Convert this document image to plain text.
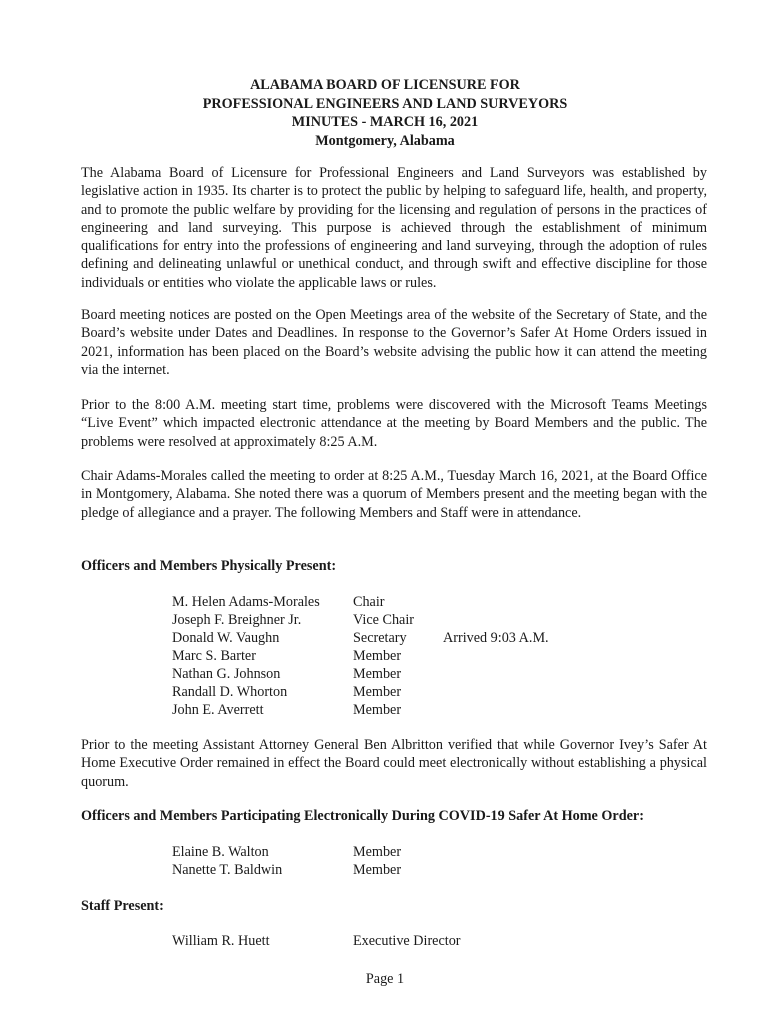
ALABAMA BOARD OF LICENSURE FOR
PROFESSIONAL ENGINEERS AND LAND SURVEYORS
MINUTES - MARCH 16, 2021
Montgomery, Alabama
The Alabama Board of Licensure for Professional Engineers and Land Surveyors was established by legislative action in 1935. Its charter is to protect the public by helping to safeguard life, health, and property, and to promote the public welfare by providing for the licensing and regulation of persons in the practices of engineering and land surveying. This purpose is achieved through the establishment of minimum qualifications for entry into the professions of engineering and land surveying, through the adoption of rules defining and delineating unlawful or unethical conduct, and through swift and effective discipline for those individuals or entities who violate the applicable laws or rules.
Board meeting notices are posted on the Open Meetings area of the website of the Secretary of State, and the Board’s website under Dates and Deadlines. In response to the Governor’s Safer At Home Orders issued in 2021, information has been placed on the Board’s website advising the public how it can attend the meeting via the internet.
Prior to the 8:00 A.M. meeting start time, problems were discovered with the Microsoft Teams Meetings “Live Event” which impacted electronic attendance at the meeting by Board Members and the public. The problems were resolved at approximately 8:25 A.M.
Chair Adams-Morales called the meeting to order at 8:25 A.M., Tuesday March 16, 2021, at the Board Office in Montgomery, Alabama. She noted there was a quorum of Members present and the meeting began with the pledge of allegiance and a prayer. The following Members and Staff were in attendance.
Officers and Members Physically Present:
M. Helen Adams-Morales Chair
Joseph F. Breighner Jr.	Vice Chair
Donald W. Vaughn	Secretary	Arrived 9:03 A.M.
Marc S. Barter	Member
Nathan G. Johnson	Member
Randall D. Whorton	Member
John E. Averrett	Member
Prior to the meeting Assistant Attorney General Ben Albritton verified that while Governor Ivey’s Safer At Home Executive Order remained in effect the Board could meet electronically without establishing a physical quorum.
Officers and Members Participating Electronically During COVID-19 Safer At Home Order:
Elaine B. Walton	Member
Nanette T. Baldwin	Member
Staff Present:
William R. Huett	Executive Director
Page 1
